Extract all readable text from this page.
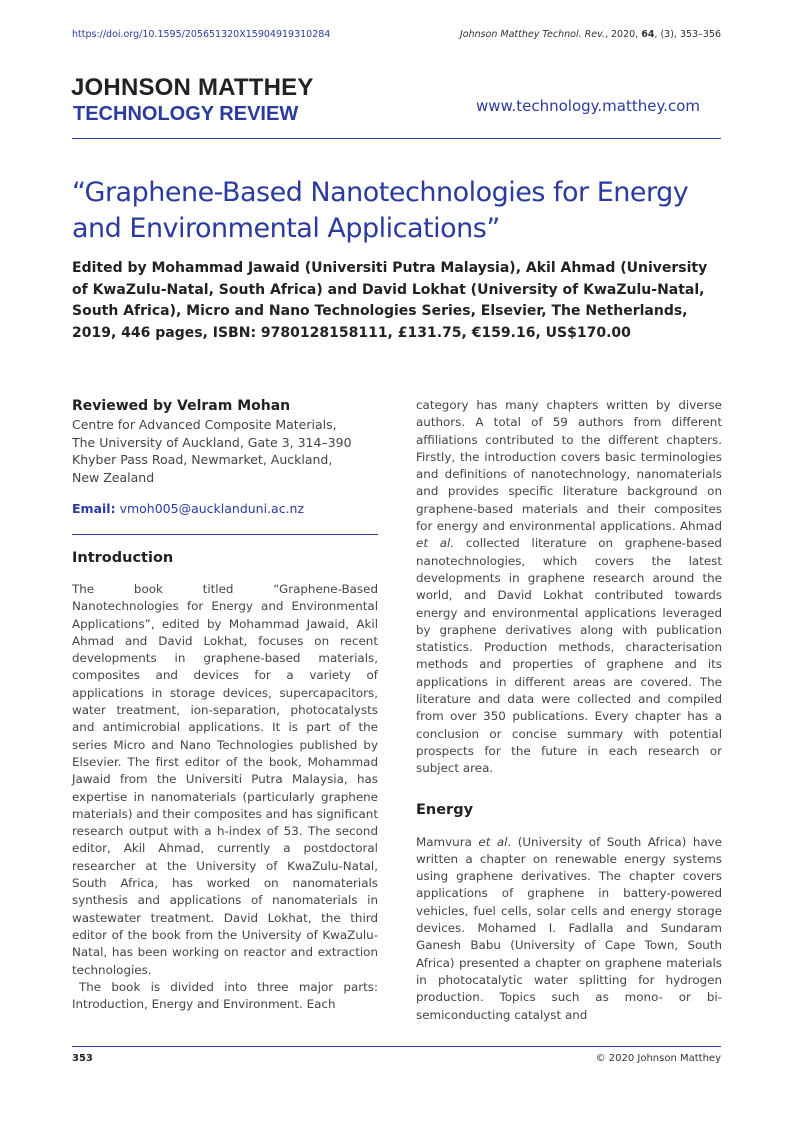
https://doi.org/10.1595/205651320X15904919310284	Johnson Matthey Technol. Rev., 2020, 64, (3), 353–356
JOHNSON MATTHEY
TECHNOLOGY REVIEW	www.technology.matthey.com
“Graphene-Based Nanotechnologies for Energy and Environmental Applications”
Edited by Mohammad Jawaid (Universiti Putra Malaysia), Akil Ahmad (University of KwaZulu-Natal, South Africa) and David Lokhat (University of KwaZulu-Natal, South Africa), Micro and Nano Technologies Series, Elsevier, The Netherlands, 2019, 446 pages, ISBN: 9780128158111, £131.75, €159.16, US$170.00

Reviewed by Velram Mohan

Centre for Advanced Composite Materials,
The University of Auckland, Gate 3, 314–390
Khyber Pass Road, Newmarket, Auckland,
New Zealand
Email: vmoh005@aucklanduni.ac.nz
Introduction

The book titled “Graphene-Based Nanotechnologies for Energy and Environmental Applications”, edited by Mohammad Jawaid, Akil Ahmad and David Lokhat, focuses on recent developments in graphene-based materials, composites and devices for a variety of applications in storage devices, supercapacitors, water treatment, ion-separation, photocatalysts and antimicrobial applications. It is part of the series Micro and Nano Technologies published by Elsevier. The first editor of the book, Mohammad Jawaid from the Universiti Putra Malaysia, has expertise in nanomaterials (particularly graphene materials) and their composites and has significant research output with a h-index of 53. The second editor, Akil Ahmad, currently a postdoctoral researcher at the University of KwaZulu-Natal, South Africa, has worked on nanomaterials synthesis and applications of nanomaterials in wastewater treatment. David Lokhat, the third editor of the book from the University of KwaZulu-Natal, has been working on reactor and extraction technologies.

The book is divided into three major parts: Introduction, Energy and Environment. Each

category has many chapters written by diverse authors. A total of 59 authors from different affiliations contributed to the different chapters. Firstly, the introduction covers basic terminologies and definitions of nanotechnology, nanomaterials and provides specific literature background on graphene-based materials and their composites for energy and environmental applications. Ahmad et al. collected literature on graphene-based nanotechnologies, which covers the latest developments in graphene research around the world, and David Lokhat contributed towards energy and environmental applications leveraged by graphene derivatives along with publication statistics. Production methods, characterisation methods and properties of graphene and its applications in different areas are covered. The literature and data were collected and compiled from over 350 publications. Every chapter has a conclusion or concise summary with potential prospects for the future in each research or subject area.

Energy

Mamvura et al. (University of South Africa) have written a chapter on renewable energy systems using graphene derivatives. The chapter covers applications of graphene in battery-powered vehicles, fuel cells, solar cells and energy storage devices. Mohamed I. Fadlalla and Sundaram Ganesh Babu (University of Cape Town, South Africa) presented a chapter on graphene materials in photocatalytic water splitting for hydrogen production. Topics such as mono- or bi-semiconducting catalyst and

353	© 2020 Johnson Matthey
